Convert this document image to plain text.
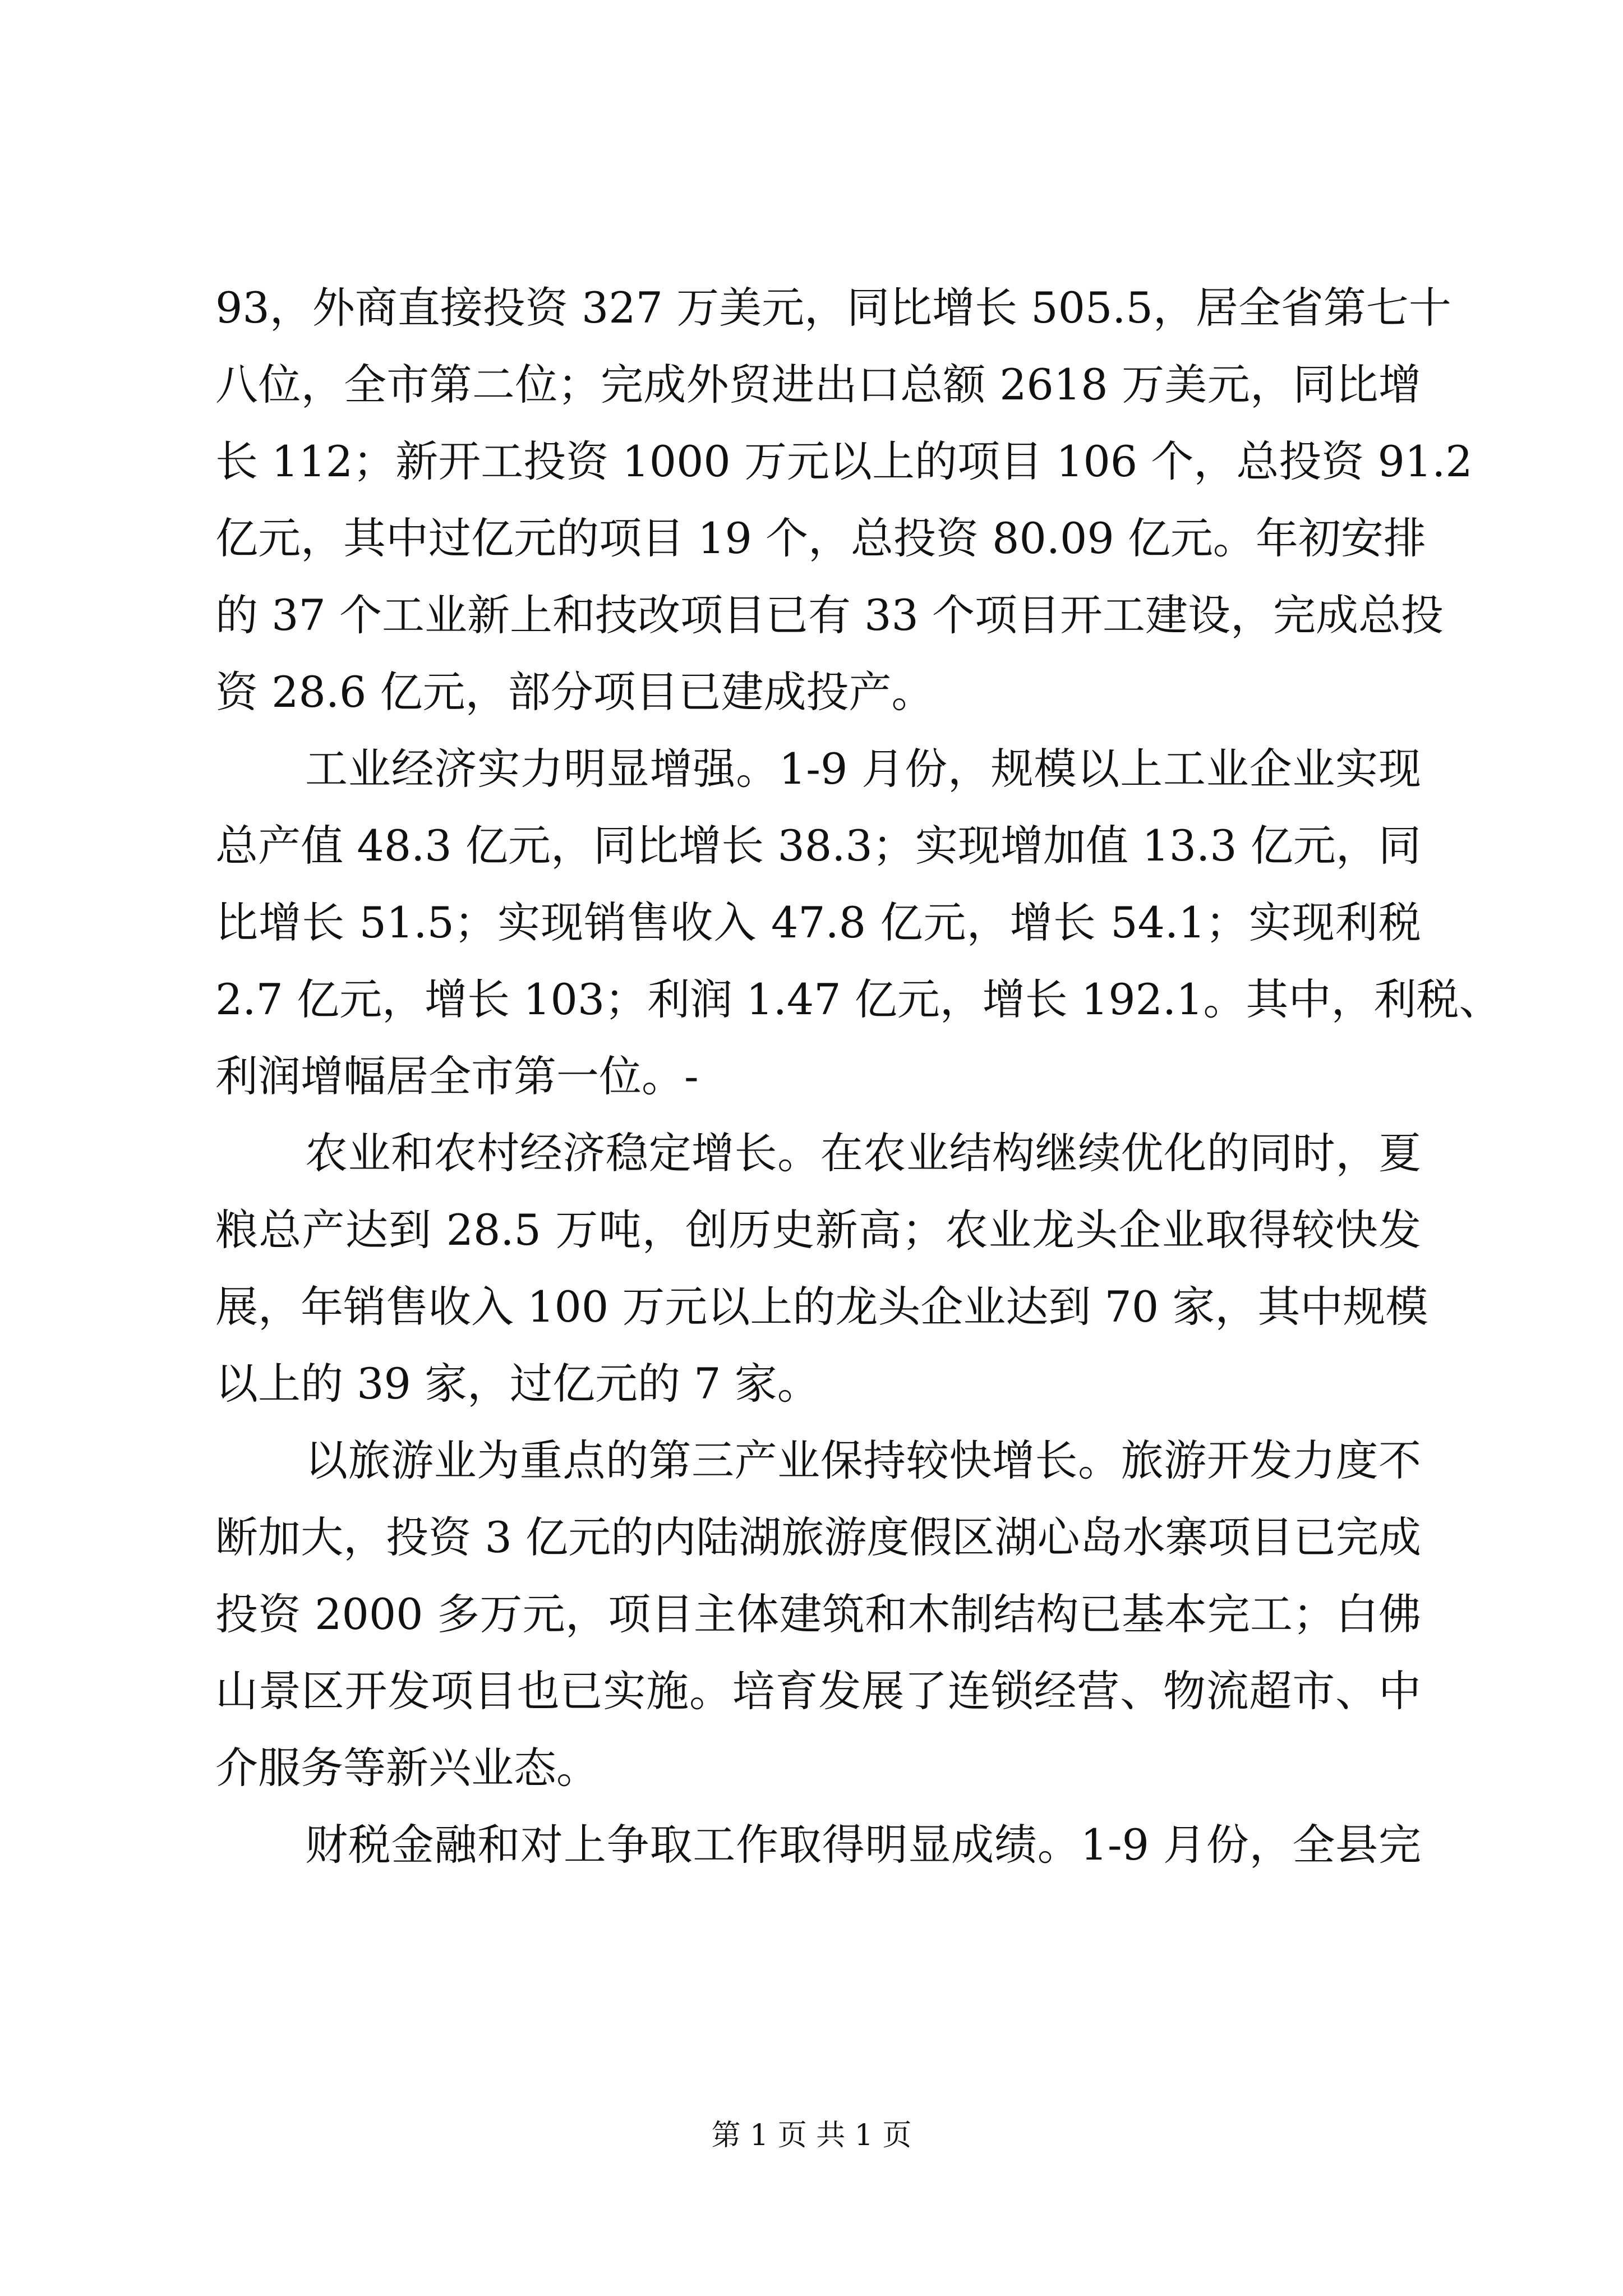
93，外商直接投资 327 万美元，同比增长 505.5，居全省第七十
八位，全市第二位；完成外贸进出口总额 2618 万美元，同比增
长 112；新开工投资 1000 万元以上的项目 106 个，总投资 91.2
亿元，其中过亿元的项目 19 个，总投资 80.09 亿元。年初安排
的 37 个工业新上和技改项目已有 33 个项目开工建设，完成总投
资 28.6 亿元，部分项目已建成投产。
工业经济实力明显增强。1-9 月份，规模以上工业企业实现
总产值 48.3 亿元，同比增长 38.3；实现增加值 13.3 亿元，同
比增长 51.5；实现销售收入 47.8 亿元，增长 54.1；实现利税
2.7 亿元，增长 103；利润 1.47 亿元，增长 192.1。其中，利税、
利润增幅居全市第一位。-
农业和农村经济稳定增长。在农业结构继续优化的同时，夏
粮总产达到 28.5 万吨，创历史新高；农业龙头企业取得较快发
展，年销售收入 100 万元以上的龙头企业达到 70 家，其中规模
以上的 39 家，过亿元的 7 家。
以旅游业为重点的第三产业保持较快增长。旅游开发力度不
断加大，投资 3 亿元的内陆湖旅游度假区湖心岛水寨项目已完成
投资 2000 多万元，项目主体建筑和木制结构已基本完工；白佛
山景区开发项目也已实施。培育发展了连锁经营、物流超市、中
介服务等新兴业态。
财税金融和对上争取工作取得明显成绩。1-9 月份，全县完
第 1 页 共 1 页
